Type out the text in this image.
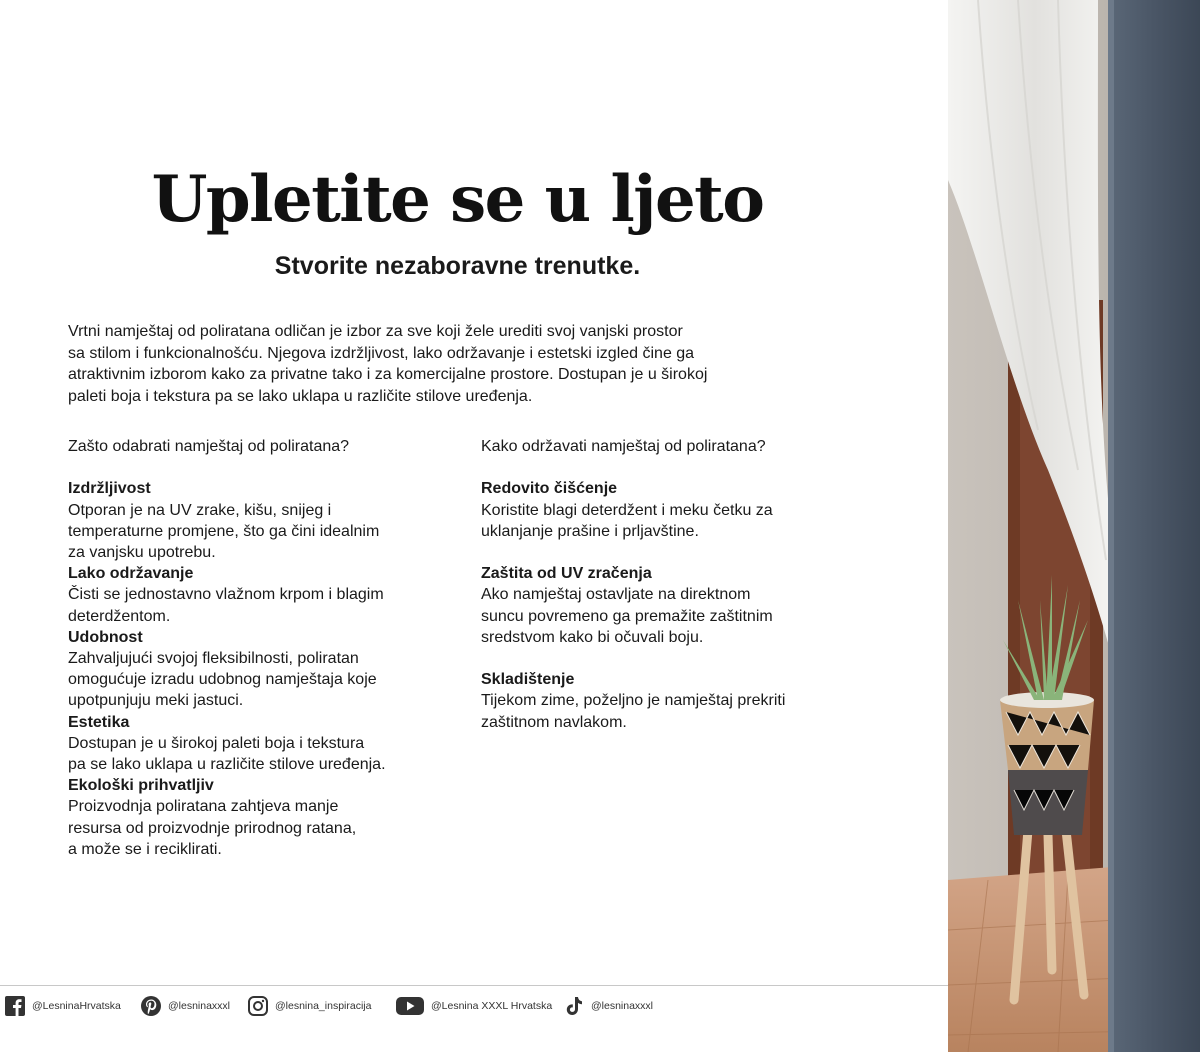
Upletite se u ljeto
Stvorite nezaboravne trenutke.
Vrtni namještaj od poliratana odličan je izbor za sve koji žele urediti svoj vanjski prostor
sa stilom i funkcionalnošću. Njegova izdržljivost, lako održavanje i estetski izgled čine ga
atraktivnim izborom kako za privatne tako i za komercijalne prostore. Dostupan je u širokoj
paleti boja i tekstura pa se lako uklapa u različite stilove uređenja.

Zašto odabrati namještaj od poliratana?

Izdržljivost

Otporan je na UV zrake, kišu, snijeg i

temperaturne promjene, što ga čini idealnim

za vanjsku upotrebu.

Lako održavanje

Čisti se jednostavno vlažnom krpom i blagim

deterdžentom.

Udobnost

Zahvaljujući svojoj fleksibilnosti, poliratan

omogućuje izradu udobnog namještaja koje

upotpunjuju meki jastuci.

Estetika

Dostupan je u širokoj paleti boja i tekstura

pa se lako uklapa u različite stilove uređenja.

Ekološki prihvatljiv

Proizvodnja poliratana zahtjeva manje

resursa od proizvodnje prirodnog ratana,

a može se i reciklirati.

Kako održavati namještaj od poliratana?

Redovito čišćenje

Koristite blagi deterdžent i meku četku za

uklanjanje prašine i prljavštine.

Zaštita od UV zračenja

Ako namještaj ostavljate na direktnom

suncu povremeno ga premažite zaštitnim

sredstvom kako bi očuvali boju.

Skladištenje

Tijekom zime, poželjno je namještaj prekriti

zaštitnom navlakom.

@LesninaHrvatska	@lesninaxxxl	@lesnina_inspiracija	@Lesnina XXXL Hrvatska	@lesninaxxxl
